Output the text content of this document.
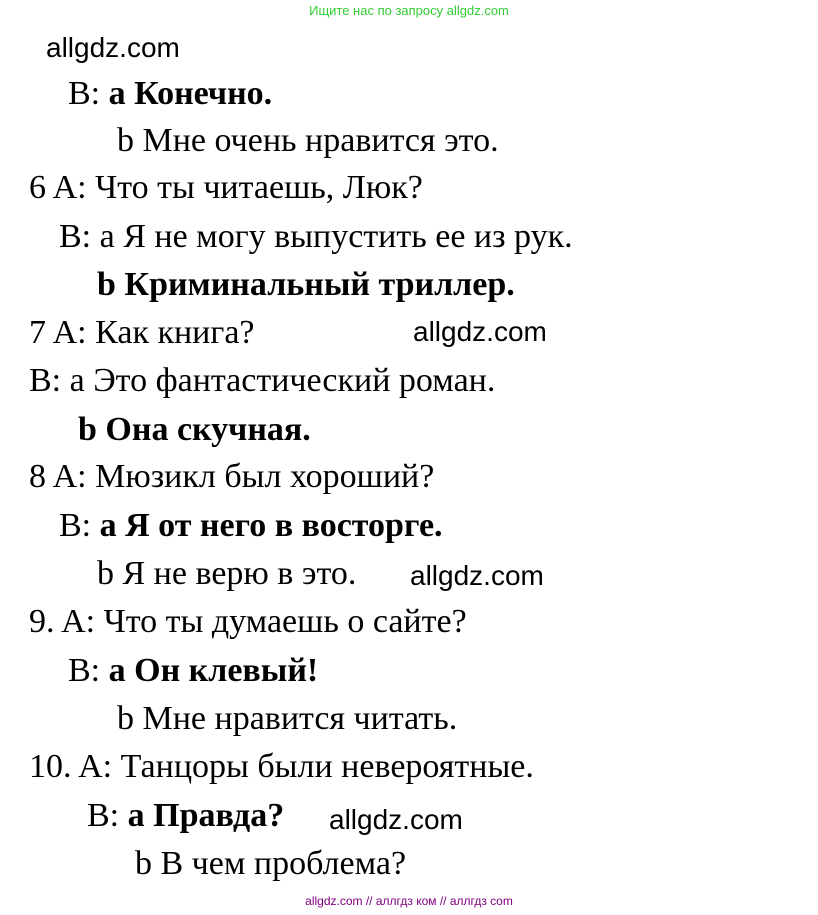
Ищите нас по запросу allgdz.com
allgdz.com
B: a Конечно.
b Мне очень нравится это.
6 A: Что ты читаешь, Люк?
B: a Я не могу выпустить ее из рук.
b Криминальный триллер.
7 A: Как книга?	allgdz.com
B: a Это фантастический роман.
b Она скучная.
8 A: Мюзикл был хороший?
B: a Я от него в восторге.
b Я не верю в это. allgdz.com
9. A: Что ты думаешь о сайте?
B: a Он клевый!
b Мне нравится читать.
10. A: Танцоры были невероятные.
B: a Правда? allgdz.com
b В чем проблема?
allgdz.com // аллгдз ком // аллгдз com
